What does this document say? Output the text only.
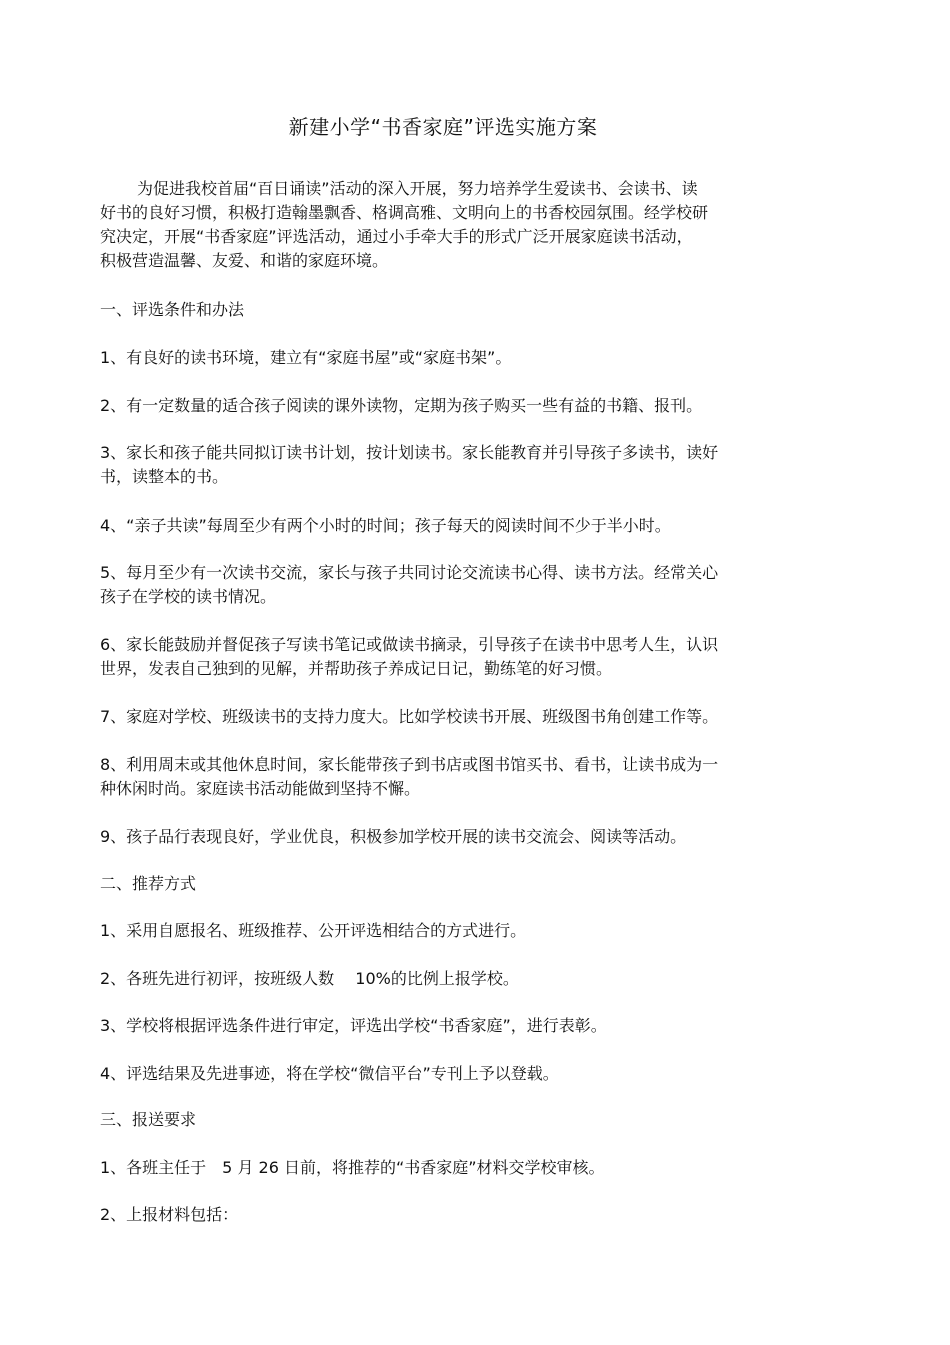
新建小学“书香家庭”评选实施方案

为促进我校首届“百日诵读”活动的深入开展，努力培养学生爱读书、会读书、读
好书的良好习惯，积极打造翰墨飘香、格调高雅、文明向上的书香校园氛围。经学校研
究决定，开展“书香家庭”评选活动，通过小手牵大手的形式广泛开展家庭读书活动，
积极营造温馨、友爱、和谐的家庭环境。

一、评选条件和办法

1、有良好的读书环境，建立有“家庭书屋”或“家庭书架”。

2、有一定数量的适合孩子阅读的课外读物，定期为孩子购买一些有益的书籍、报刊。

3、家长和孩子能共同拟订读书计划，按计划读书。家长能教育并引导孩子多读书，读好
书，读整本的书。

4、“亲子共读”每周至少有两个小时的时间；孩子每天的阅读时间不少于半小时。

5、每月至少有一次读书交流，家长与孩子共同讨论交流读书心得、读书方法。经常关心
孩子在学校的读书情况。

6、家长能鼓励并督促孩子写读书笔记或做读书摘录，引导孩子在读书中思考人生，认识
世界，发表自己独到的见解，并帮助孩子养成记日记，勤练笔的好习惯。

7、家庭对学校、班级读书的支持力度大。比如学校读书开展、班级图书角创建工作等。

8、利用周末或其他休息时间，家长能带孩子到书店或图书馆买书、看书，让读书成为一
种休闲时尚。家庭读书活动能做到坚持不懈。

9、孩子品行表现良好，学业优良，积极参加学校开展的读书交流会、阅读等活动。

二、推荐方式

1、采用自愿报名、班级推荐、公开评选相结合的方式进行。

2、各班先进行初评，按班级人数　 10%的比例上报学校。

3、学校将根据评选条件进行审定，评选出学校“书香家庭”，进行表彰。

4、评选结果及先进事迹，将在学校“微信平台”专刊上予以登载。

三、报送要求

1、各班主任于　5 月 26 日前，将推荐的“书香家庭”材料交学校审核。

2、上报材料包括：
